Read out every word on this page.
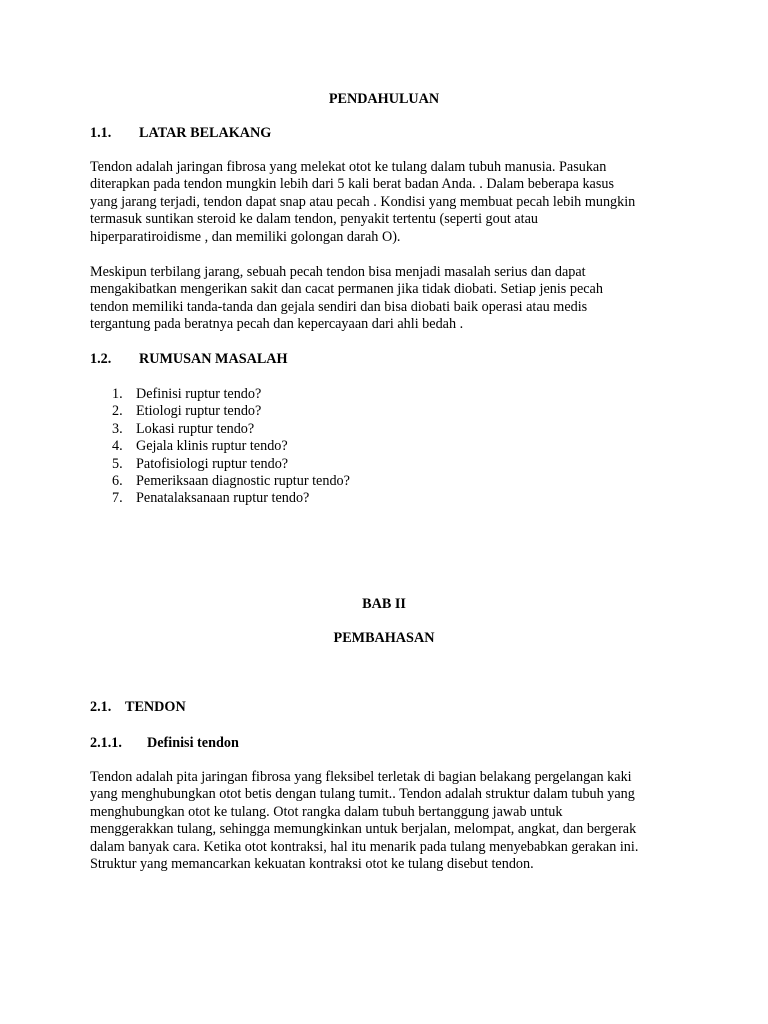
PENDAHULUAN
1.1. LATAR BELAKANG
Tendon adalah jaringan fibrosa yang melekat otot ke tulang dalam tubuh manusia. Pasukan
diterapkan pada tendon mungkin lebih dari 5 kali berat badan Anda. . Dalam beberapa kasus
yang jarang terjadi, tendon dapat snap atau pecah . Kondisi yang membuat pecah lebih mungkin
termasuk suntikan steroid ke dalam tendon, penyakit tertentu (seperti gout atau
hiperparatiroidisme , dan memiliki golongan darah O).
Meskipun terbilang jarang, sebuah pecah tendon bisa menjadi masalah serius dan dapat
mengakibatkan mengerikan sakit dan cacat permanen jika tidak diobati. Setiap jenis pecah
tendon memiliki tanda-tanda dan gejala sendiri dan bisa diobati baik operasi atau medis
tergantung pada beratnya pecah dan kepercayaan dari ahli bedah .
1.2. RUMUSAN MASALAH
1. Definisi ruptur tendo?
2. Etiologi ruptur tendo?
3. Lokasi ruptur tendo?
4. Gejala klinis ruptur tendo?
5. Patofisiologi ruptur tendo?
6. Pemeriksaan diagnostic ruptur tendo?
7. Penatalaksanaan ruptur tendo?
BAB II
PEMBAHASAN
2.1. TENDON
2.1.1. Definisi tendon
Tendon adalah pita jaringan fibrosa yang fleksibel terletak di bagian belakang pergelangan kaki
yang menghubungkan otot betis dengan tulang tumit.. Tendon adalah struktur dalam tubuh yang
menghubungkan otot ke tulang. Otot rangka dalam tubuh bertanggung jawab untuk
menggerakkan tulang, sehingga memungkinkan untuk berjalan, melompat, angkat, dan bergerak
dalam banyak cara. Ketika otot kontraksi, hal itu menarik pada tulang menyebabkan gerakan ini.
Struktur yang memancarkan kekuatan kontraksi otot ke tulang disebut tendon.
